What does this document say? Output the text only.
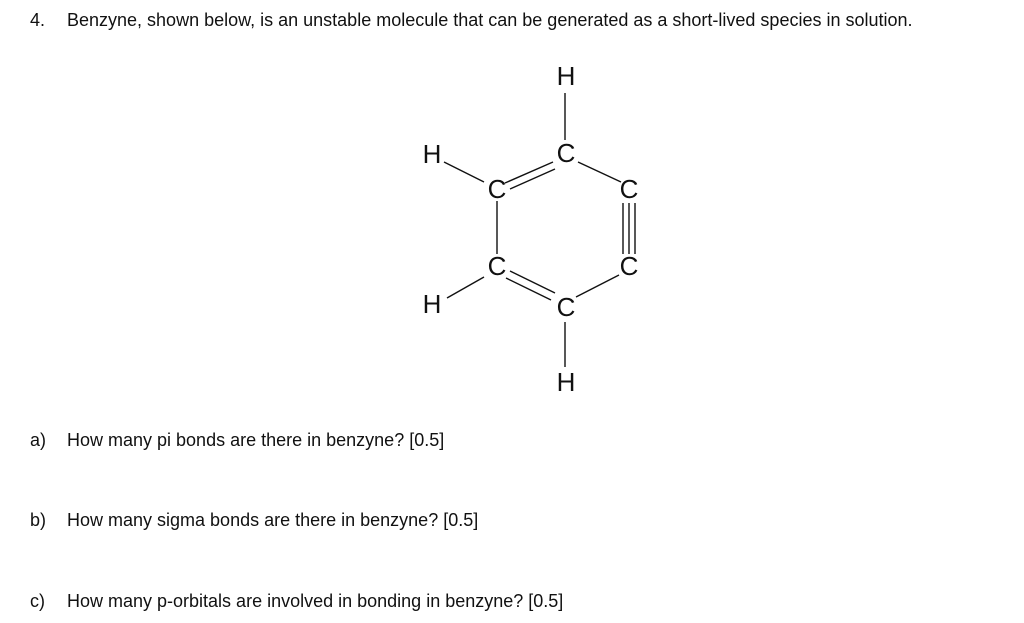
4. Benzyne, shown below, is an unstable molecule that can be generated as a short-lived species in solution.
H
C
H
C	C
C	C
H	C
H
a) How many pi bonds are there in benzyne? [0.5]
b) How many sigma bonds are there in benzyne? [0.5]
c) How many p-orbitals are involved in bonding in benzyne? [0.5]
